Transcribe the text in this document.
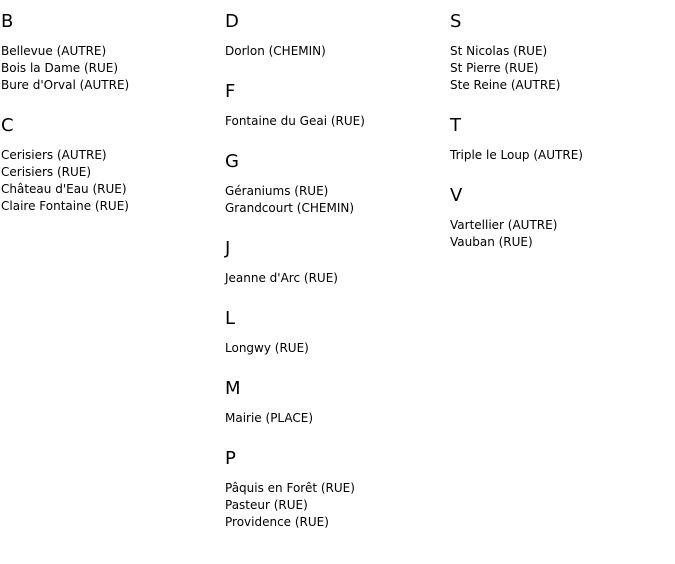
B
Bellevue (AUTRE)
Bois la Dame (RUE)
Bure d'Orval (AUTRE)
C
Cerisiers (AUTRE)
Cerisiers (RUE)
Château d'Eau (RUE)
Claire Fontaine (RUE)
D
Dorlon (CHEMIN)
F
Fontaine du Geai (RUE)
G
Géraniums (RUE)
Grandcourt (CHEMIN)
J
Jeanne d'Arc (RUE)
L
Longwy (RUE)
M
Mairie (PLACE)
P
Pâquis en Forêt (RUE)
Pasteur (RUE)
Providence (RUE)
S
St Nicolas (RUE)
St Pierre (RUE)
Ste Reine (AUTRE)
T
Triple le Loup (AUTRE)
V
Vartellier (AUTRE)
Vauban (RUE)
